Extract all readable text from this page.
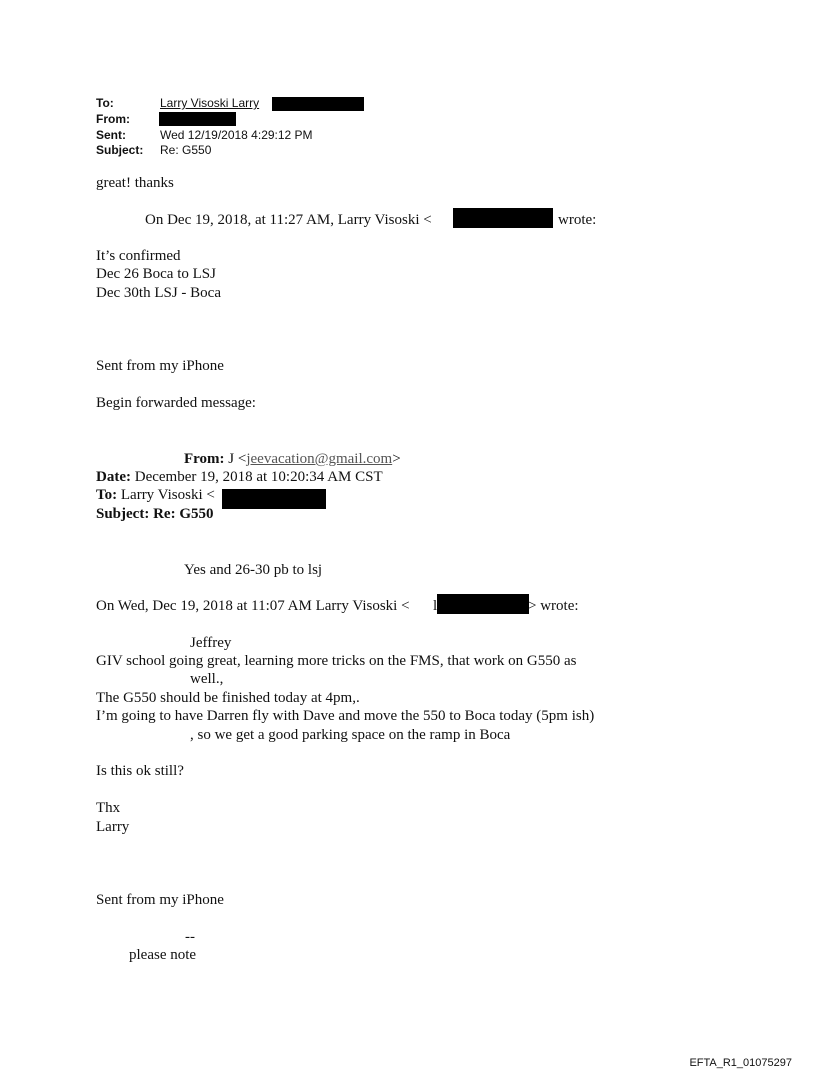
To:	Larry Visoski Larry
From:
Sent:	Wed 12/19/2018 4:29:12 PM
Subject: Re: G550
great! thanks
On Dec 19, 2018, at 11:27 AM, Larry Visoski <	wrote:
It’s confirmed
Dec 26 Boca to LSJ
Dec 30th LSJ - Boca
Sent from my iPhone
Begin forwarded message:
From: J <jeevacation@gmail.com>
Date: December 19, 2018 at 10:20:34 AM CST
To: Larry Visoski <
Subject: Re: G550
Yes and 26-30 pb to lsj
On Wed, Dec 19, 2018 at 11:07 AM Larry Visoski < l	> wrote:
Jeffrey
GIV school going great, learning more tricks on the FMS, that work on G550 as
well.,
The G550 should be finished today at 4pm,.
I’m going to have Darren fly with Dave and move the 550 to Boca today (5pm ish)
, so we get a good parking space on the ramp in Boca
Is this ok still?
Thx
Larry
Sent from my iPhone
--
please note
EFTA_R1_01075297
